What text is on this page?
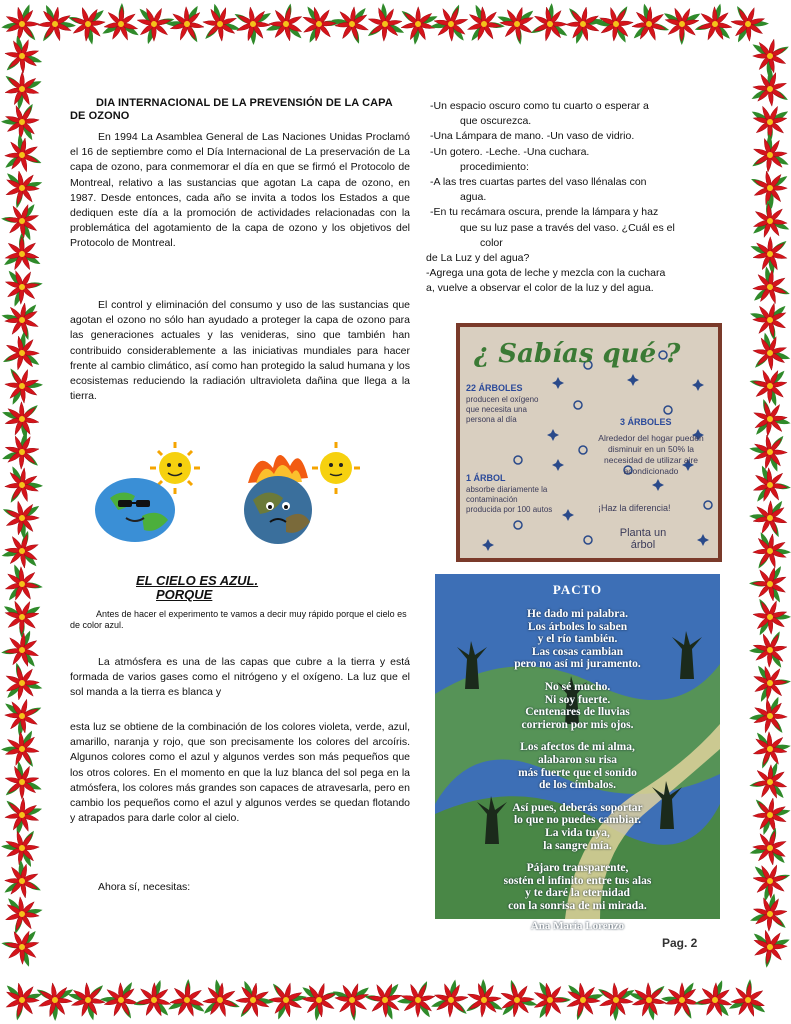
DIA INTERNACIONAL DE LA PREVENSIÓN DE LA CAPA DE OZONO
En 1994 La Asamblea General de Las Naciones Unidas Proclamó el 16 de septiembre como el Día Internacional de La preservación de La capa de ozono, para conmemorar el día en que se firmó el Protocolo de Montreal, relativo a las sustancias que agotan La capa de ozono, en 1987. Desde entonces, cada año se invita a todos los Estados a que dediquen este día a la promoción de actividades relacionadas con la problemática del agotamiento de la capa de ozono y los objetivos del Protocolo de Montreal.
El control y eliminación del consumo y uso de las sustancias que agotan el ozono no sólo han ayudado a proteger la capa de ozono para las generaciones actuales y las venideras, sino que también han contribuido considerablemente a las iniciativas mundiales para hacer frente al cambio climático, así como han protegido la salud humana y los ecosistemas reduciendo la radiación ultravioleta dañina que llega a la tierra.
EL CIELO ES AZUL.
PORQUE
Antes de hacer el experimento te vamos a decir muy rápido porque el cielo es de color azul.
La atmósfera es una de las capas que cubre a la tierra y está formada de varios gases como el nitrógeno y el oxígeno. La luz que el sol manda a la tierra es blanca y
esta luz se obtiene de la combinación de los colores violeta, verde, azul, amarillo, naranja y rojo, que son precisamente los colores del arcoíris. Algunos colores como el azul y algunos verdes son más pequeños que los otros colores. En el momento en que la luz blanca del sol pega en la atmósfera, los colores más grandes son capaces de atravesarla, pero en cambio los pequeños como el azul y algunos verdes se quedan flotando y atrapados para darle color al cielo.
Ahora sí, necesitas:
-Un espacio oscuro como tu cuarto o esperar a
que oscurezca.
-Una Lámpara de mano. -Un vaso de vidrio.
-Un gotero. -Leche. -Una cuchara.
procedimiento:
-A las tres cuartas partes del vaso llénalas con
agua.
-En tu recámara oscura, prende la lámpara y haz
que su luz pase a través del vaso. ¿Cuál es el
color
de La Luz y del agua?
-Agrega una gota de leche y mezcla con la cuchara
a, vuelve a observar el color de la luz y del agua.
¿ Sabías qué ?
22 ÁRBOLES
producen el oxígeno que necesita una persona al día	3 ÁRBOLES
Alrededor del hogar pueden disminuir en un 50% la necesidad de utilizar aire acondicionado
1 ÁRBOL
absorbe diariamente la contaminación producida por 100 autos	¡Haz la diferencia!
Planta un árbol
PACTO
He dado mi palabra.
Los árboles lo saben
y el río también.
Las cosas cambian
pero no así mi juramento.
No sé mucho.
Ni soy fuerte.
Centenares de lluvias
corrieron por mis ojos.
Los afectos de mi alma,
alabaron su risa
más fuerte que el sonido
de los címbalos.
Así pues, deberás soportar
lo que no puedes cambiar.
La vida tuya,
la sangre mía.
Pájaro transparente,
sostén el infinito entre tus alas
y te daré la eternidad
con la sonrisa de mi mirada.
Ana María Lorenzo
Pag. 2
